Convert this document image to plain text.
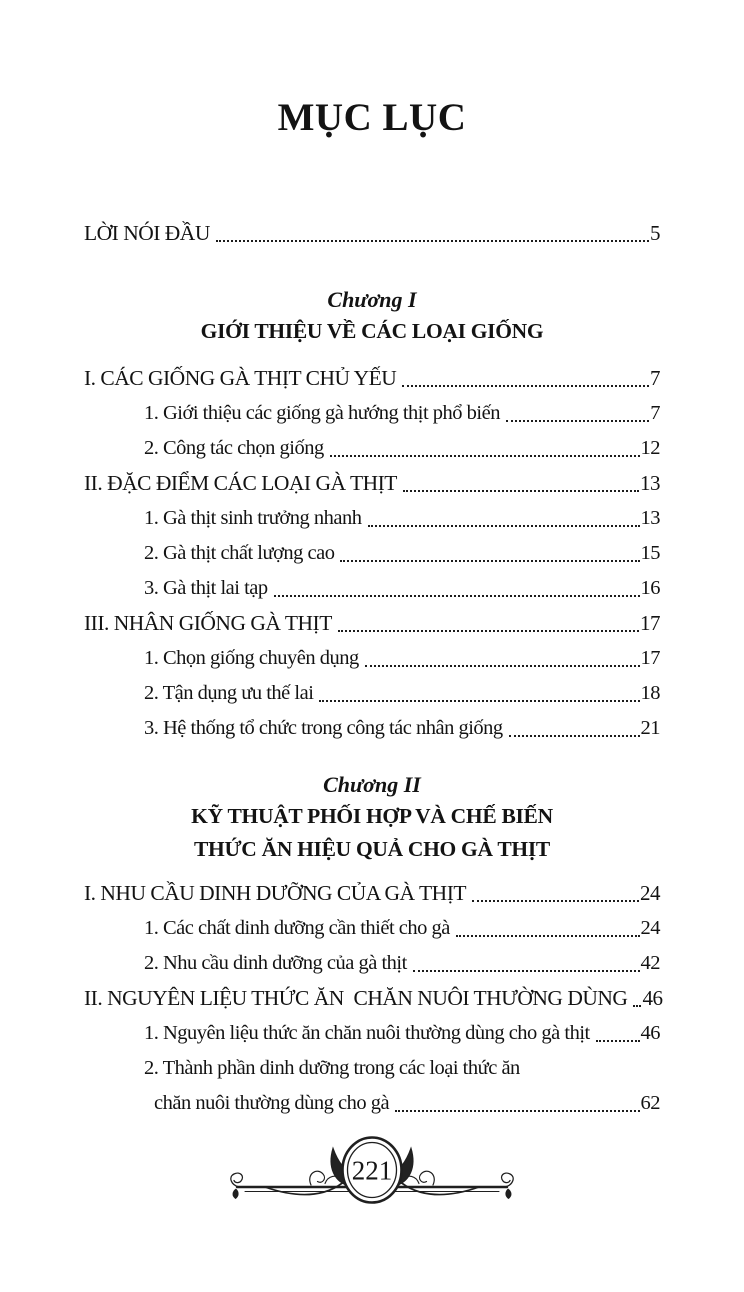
MỤC LỤC
LỜI NÓI ĐẦU	5
Chương I
GIỚI THIỆU VỀ CÁC LOẠI GIỐNG
I. CÁC GIỐNG GÀ THỊT CHỦ YẾU	7
1. Giới thiệu các giống gà hướng thịt phổ biến	7
2. Công tác chọn giống	12
II. ĐẶC ĐIỂM CÁC LOẠI GÀ THỊT	13
1. Gà thịt sinh trưởng nhanh	13
2. Gà thịt chất lượng cao	15
3. Gà thịt lai tạp	16
III. NHÂN GIỐNG GÀ THỊT	17
1. Chọn giống chuyên dụng	17
2. Tận dụng ưu thế lai	18
3. Hệ thống tổ chức trong công tác nhân giống	21
Chương II
KỸ THUẬT PHỐI HỢP VÀ CHẾ BIẾN
THỨC ĂN HIỆU QUẢ CHO GÀ THỊT
I. NHU CẦU DINH DƯỠNG CỦA GÀ THỊT	24
1. Các chất dinh dưỡng cần thiết cho gà	24
2. Nhu cầu dinh dưỡng của gà thịt	42
II. NGUYÊN LIỆU THỨC ĂN  CHĂN NUÔI THƯỜNG DÙNG 46
1. Nguyên liệu thức ăn chăn nuôi thường dùng cho gà thịt 46
2. Thành phần dinh dưỡng trong các loại thức ăn
chăn nuôi thường dùng cho gà	62
221
